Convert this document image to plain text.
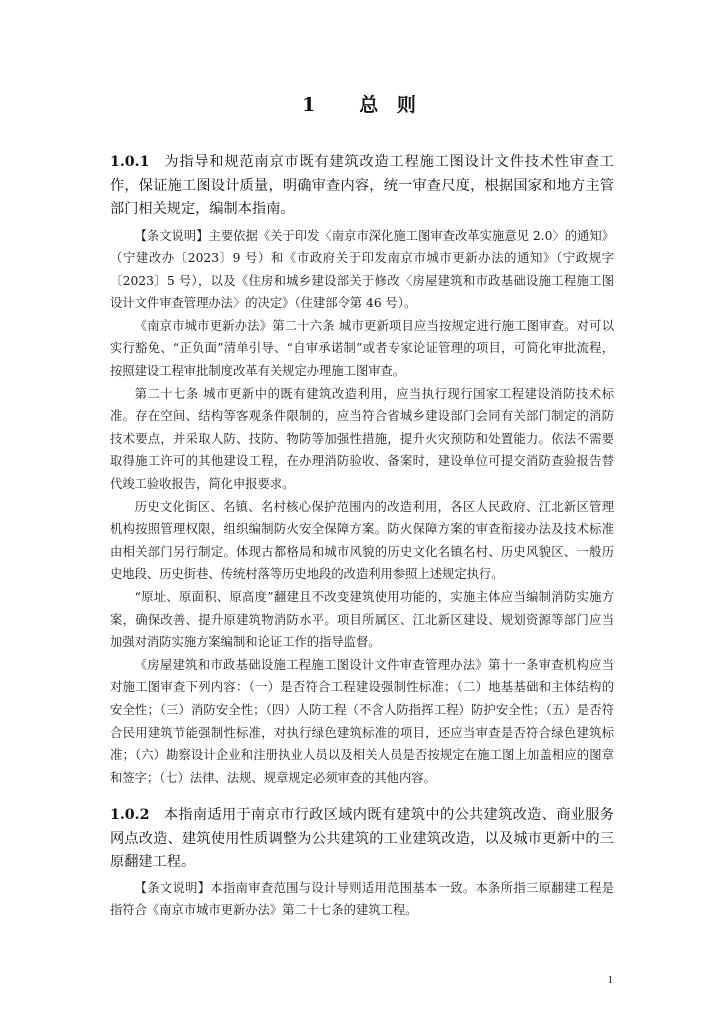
1 总 则

1.0.1 为指导和规范南京市既有建筑改造工程施工图设计文件技术性审查工作，保证施工图设计质量，明确审查内容，统一审查尺度，根据国家和地方主管部门相关规定，编制本指南。

【条文说明】主要依据《关于印发〈南京市深化施工图审查改革实施意见 2.0〉的通知》（宁建改办〔2023〕9 号）和《市政府关于印发南京市城市更新办法的通知》（宁政规字〔2023〕5 号），以及《住房和城乡建设部关于修改〈房屋建筑和市政基础设施工程施工图设计文件审查管理办法〉的决定》（住建部令第 46 号）。

《南京市城市更新办法》第二十六条 城市更新项目应当按规定进行施工图审查。对可以实行豁免、“正负面”清单引导、“自审承诺制”或者专家论证管理的项目，可简化审批流程，按照建设工程审批制度改革有关规定办理施工图审查。

第二十七条 城市更新中的既有建筑改造利用，应当执行现行国家工程建设消防技术标准。存在空间、结构等客观条件限制的，应当符合省城乡建设部门会同有关部门制定的消防技术要点，并采取人防、技防、物防等加强性措施，提升火灾预防和处置能力。依法不需要取得施工许可的其他建设工程，在办理消防验收、备案时，建设单位可提交消防查验报告替代竣工验收报告，简化申报要求。

历史文化街区、名镇、名村核心保护范围内的改造利用，各区人民政府、江北新区管理机构按照管理权限，组织编制防火安全保障方案。防火保障方案的审查衔接办法及技术标准由相关部门另行制定。体现古都格局和城市风貌的历史文化名镇名村、历史风貌区、一般历史地段、历史街巷、传统村落等历史地段的改造利用参照上述规定执行。

“原址、原面积、原高度”翻建且不改变建筑使用功能的，实施主体应当编制消防实施方案，确保改善、提升原建筑物消防水平。项目所属区、江北新区建设、规划资源等部门应当加强对消防实施方案编制和论证工作的指导监督。

《房屋建筑和市政基础设施工程施工图设计文件审查管理办法》第十一条审查机构应当对施工图审查下列内容：（一）是否符合工程建设强制性标准；（二）地基基础和主体结构的安全性；（三）消防安全性；（四）人防工程（不含人防指挥工程）防护安全性；（五）是否符合民用建筑节能强制性标准，对执行绿色建筑标准的项目，还应当审查是否符合绿色建筑标准；（六）勘察设计企业和注册执业人员以及相关人员是否按规定在施工图上加盖相应的图章和签字；（七）法律、法规、规章规定必须审查的其他内容。

1.0.2 本指南适用于南京市行政区域内既有建筑中的公共建筑改造、商业服务网点改造、建筑使用性质调整为公共建筑的工业建筑改造，以及城市更新中的三原翻建工程。

【条文说明】本指南审查范围与设计导则适用范围基本一致。本条所指三原翻建工程是指符合《南京市城市更新办法》第二十七条的建筑工程。

1
